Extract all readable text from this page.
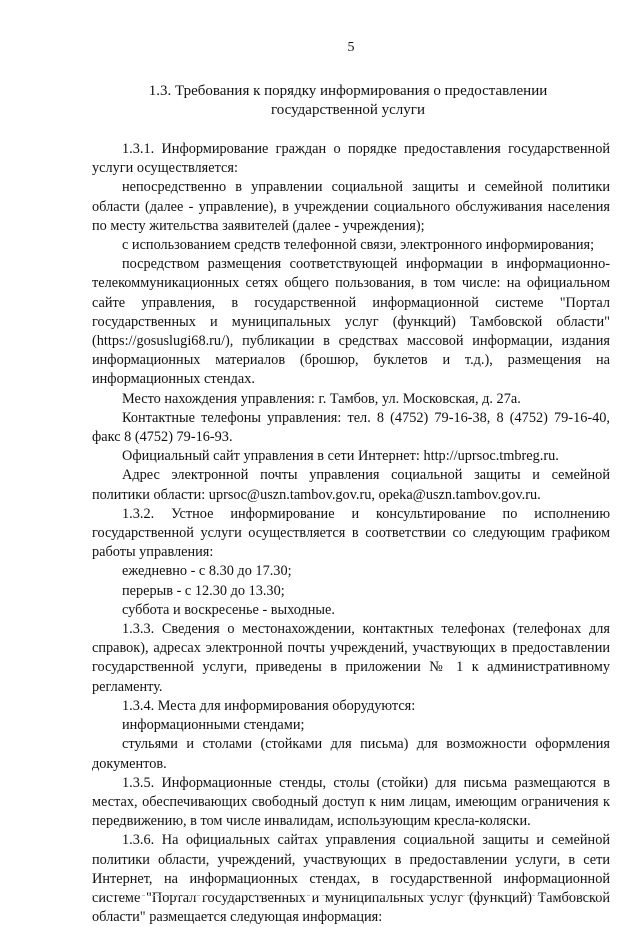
5
1.3. Требования к порядку информирования о предоставлении
государственной услуги

1.3.1. Информирование граждан о порядке предоставления государственной услуги осуществляется:

непосредственно в управлении социальной защиты и семейной политики области (далее - управление), в учреждении социального обслуживания населения по месту жительства заявителей (далее - учреждения);

с использованием средств телефонной связи, электронного информирования;

посредством размещения соответствующей информации в информационно-телекоммуникационных сетях общего пользования, в том числе: на официальном сайте управления, в государственной информационной системе "Портал государственных и муниципальных услуг (функций) Тамбовской области" (https://gosuslugi68.ru/), публикации в средствах массовой информации, издания информационных материалов (брошюр, буклетов и т.д.), размещения на информационных стендах.

Место нахождения управления: г. Тамбов, ул. Московская, д. 27а.

Контактные телефоны управления: тел. 8 (4752) 79-16-38, 8 (4752) 79-16-40, факс 8 (4752) 79-16-93.

Официальный сайт управления в сети Интернет: http://uprsoc.tmbreg.ru.

Адрес электронной почты управления социальной защиты и семейной политики области: uprsoc@uszn.tambov.gov.ru, opeka@uszn.tambov.gov.ru.

1.3.2. Устное информирование и консультирование по исполнению государственной услуги осуществляется в соответствии со следующим графиком работы управления:

ежедневно - с 8.30 до 17.30;

перерыв - с 12.30 до 13.30;

суббота и воскресенье - выходные.

1.3.3. Сведения о местонахождении, контактных телефонах (телефонах для справок), адресах электронной почты учреждений, участвующих в предоставлении государственной услуги, приведены в приложении № 1 к административному регламенту.

1.3.4. Места для информирования оборудуются:

информационными стендами;

стульями и столами (стойками для письма) для возможности оформления документов.

1.3.5. Информационные стенды, столы (стойки) для письма размещаются в местах, обеспечивающих свободный доступ к ним лицам, имеющим ограничения к передвижению, в том числе инвалидам, использующим кресла-коляски.

1.3.6. На официальных сайтах управления социальной защиты и семейной политики области, учреждений, участвующих в предоставлении услуги, в сети Интернет, на информационных стендах, в государственной информационной системе "Портал государственных и муниципальных услуг (функций) Тамбовской области" размещается следующая информация:
